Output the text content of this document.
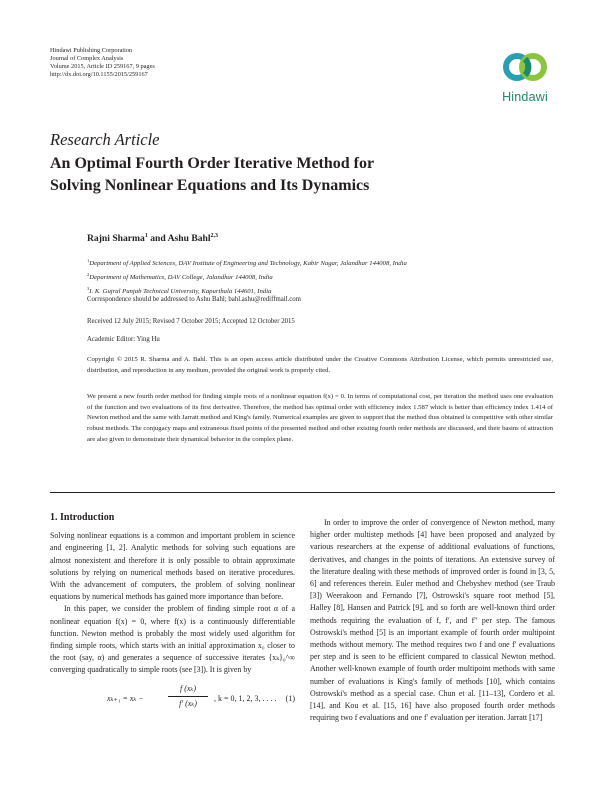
Hindawi Publishing Corporation
Journal of Complex Analysis
Volume 2015, Article ID 259167, 9 pages
http://dx.doi.org/10.1155/2015/259167
Hindawi
Research Article
An Optimal Fourth Order Iterative Method for
Solving Nonlinear Equations and Its Dynamics
Rajni Sharma$^1$ and Ashu Bahl$^{2,3}$
$^1$Department of Applied Sciences, DAV Institute of Engineering and Technology, Kabir Nagar, Jalandhar 144008, India
$^2$Department of Mathematics, DAV College, Jalandhar 144008, India
$^3$I. K. Gujral Punjab Technical University, Kapurthala 144601, India
Correspondence should be addressed to Ashu Bahl; bahl.ashu@rediffmail.com
Received 12 July 2015; Revised 7 October 2015; Accepted 12 October 2015
Academic Editor: Ying Hu
Copyright © 2015 R. Sharma and A. Bahl. This is an open access article distributed under the Creative Commons Attribution License, which permits unrestricted use, distribution, and reproduction in any medium, provided the original work is properly cited.
We present a new fourth order method for finding simple roots of a nonlinear equation f(x) = 0. In terms of computational cost, per iteration the method uses one evaluation of the function and two evaluations of its first derivative. Therefore, the method has optimal order with efficiency index 1.587 which is better than efficiency index 1.414 of Newton method and the same with Jarratt method and King's family. Numerical examples are given to support that the method thus obtained is competitive with other similar robust methods. The conjugacy maps and extraneous fixed points of the presented method and other existing fourth order methods are discussed, and their basins of attraction are also given to demonstrate their dynamical behavior in the complex plane.
1. Introduction

Solving nonlinear equations is a common and important problem in science and engineering [1, 2]. Analytic methods for solving such equations are almost nonexistent and therefore it is only possible to obtain approximate solutions by relying on numerical methods based on iterative procedures. With the advancement of computers, the problem of solving nonlinear equations by numerical methods has gained more importance than before.

In this paper, we consider the problem of finding simple root α of a nonlinear equation f(x) = 0, where f(x) is a continuously differentiable function. Newton method is probably the most widely used algorithm for finding simple roots, which starts with an initial approximation x₀ closer to the root (say, α) and generates a sequence of successive iterates {xₖ}₀^∞ converging quadratically to simple roots (see [3]). It is given by

xₖ₊₁ = xₖ −	$\frac{\text{f (xₖ)}}{\text{f′ (xₖ)}}$ , k = 0, 1, 2, 3, . . . . (1)

In order to improve the order of convergence of Newton method, many higher order multistep methods [4] have been proposed and analyzed by various researchers at the expense of additional evaluations of functions, derivatives, and changes in the points of iterations. An extensive survey of the literature dealing with these methods of improved order is found in [3, 5, 6] and references therein. Euler method and Chebyshev method (see Traub [3]) Weerakoon and Fernando [7], Ostrowski's square root method [5], Halley [8], Hansen and Patrick [9], and so forth are well-known third order methods requiring the evaluation of f, f′, and f″ per step. The famous Ostrowski's method [5] is an important example of fourth order multipoint methods without memory. The method requires two f and one f′ evaluations per step and is seen to be efficient compared to classical Newton method. Another well-known example of fourth order multipoint methods with same number of evaluations is King's family of methods [10], which contains Ostrowski's method as a special case. Chun et al. [11–13], Cordero et al. [14], and Kou et al. [15, 16] have also proposed fourth order methods requiring two f evaluations and one f′ evaluation per iteration. Jarratt [17]
